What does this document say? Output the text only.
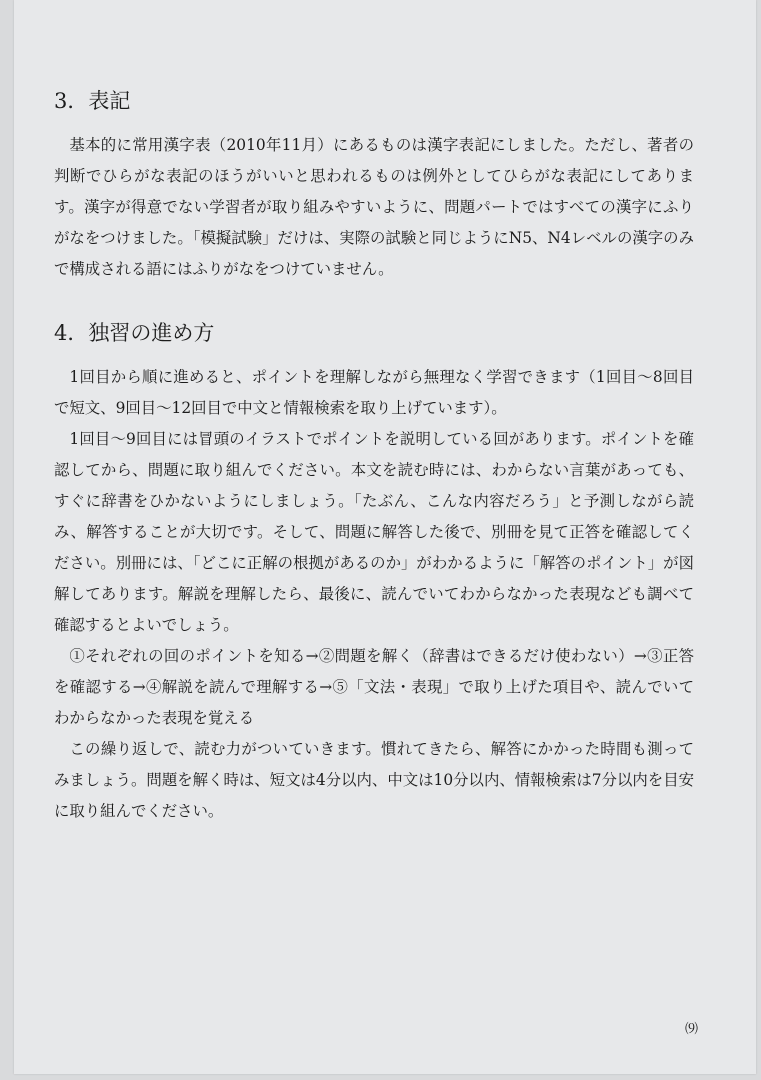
3．表記

基本的に常用漢字表（2010年11月）にあるものは漢字表記にしました。ただし、著者の判断でひらがな表記のほうがいいと思われるものは例外としてひらがな表記にしてあります。漢字が得意でない学習者が取り組みやすいように、問題パートではすべての漢字にふりがなをつけました。「模擬試験」だけは、実際の試験と同じようにN5、N4レベルの漢字のみで構成される語にはふりがなをつけていません。

4．独習の進め方

1回目から順に進めると、ポイントを理解しながら無理なく学習できます（1回目～8回目で短文、9回目～12回目で中文と情報検索を取り上げています）。

1回目～9回目には冒頭のイラストでポイントを説明している回があります。ポイントを確認してから、問題に取り組んでください。本文を読む時には、わからない言葉があっても、すぐに辞書をひかないようにしましょう。「たぶん、こんな内容だろう」と予測しながら読み、解答することが大切です。そして、問題に解答した後で、別冊を見て正答を確認してください。別冊には、「どこに正解の根拠があるのか」がわかるように「解答のポイント」が図解してあります。解説を理解したら、最後に、読んでいてわからなかった表現なども調べて確認するとよいでしょう。

①それぞれの回のポイントを知る→②問題を解く（辞書はできるだけ使わない）→③正答を確認する→④解説を読んで理解する→⑤「文法・表現」で取り上げた項目や、読んでいてわからなかった表現を覚える

この繰り返しで、読む力がついていきます。慣れてきたら、解答にかかった時間も測ってみましょう。問題を解く時は、短文は4分以内、中文は10分以内、情報検索は7分以内を目安に取り組んでください。

⑼
